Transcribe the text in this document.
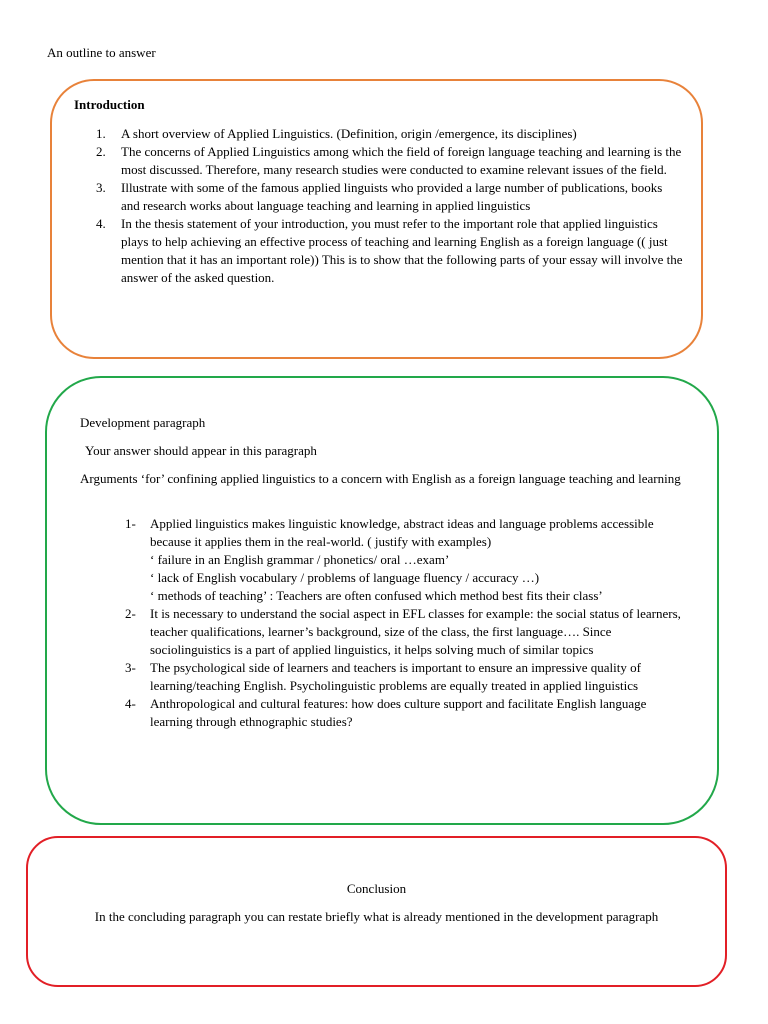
An outline to answer

Introduction

1. A short overview of Applied Linguistics. (Definition, origin /emergence, its disciplines)
2. The concerns of Applied Linguistics among which the field of foreign language teaching and learning is the most discussed. Therefore, many research studies were conducted to examine relevant issues of the field.
3. Illustrate with some of the famous applied linguists who provided a large number of publications, books and research works about language teaching and learning in applied linguistics
4. In the thesis statement of your introduction, you must refer to the important role that applied linguistics plays to help achieving an effective process of teaching and learning English as a foreign language (( just mention that it has an important role)) This is to show that the following parts of your essay will involve the answer of the asked question.

Development paragraph

Your answer should appear in this paragraph

Arguments ‘for’ confining applied linguistics to a concern with English as a foreign language teaching and learning

1- Applied linguistics makes linguistic knowledge, abstract ideas and language problems accessible because it applies them in the real-world. ( justify with examples)
‘ failure in an English grammar / phonetics/ oral …exam’
‘ lack of English vocabulary / problems of language fluency / accuracy …)
‘ methods of teaching’ : Teachers are often confused which method best fits their class’
2- It is necessary to understand the social aspect in EFL classes for example: the social status of learners, teacher qualifications, learner’s background, size of the class, the first language…. Since sociolinguistics is a part of applied linguistics, it helps solving much of similar topics
3- The psychological side of learners and teachers is important to ensure an impressive quality of learning/teaching English. Psycholinguistic problems are equally treated in applied linguistics
4- Anthropological and cultural features: how does culture support and facilitate English language learning through ethnographic studies?

Conclusion

In the concluding paragraph you can restate briefly what is already mentioned in the development paragraph
